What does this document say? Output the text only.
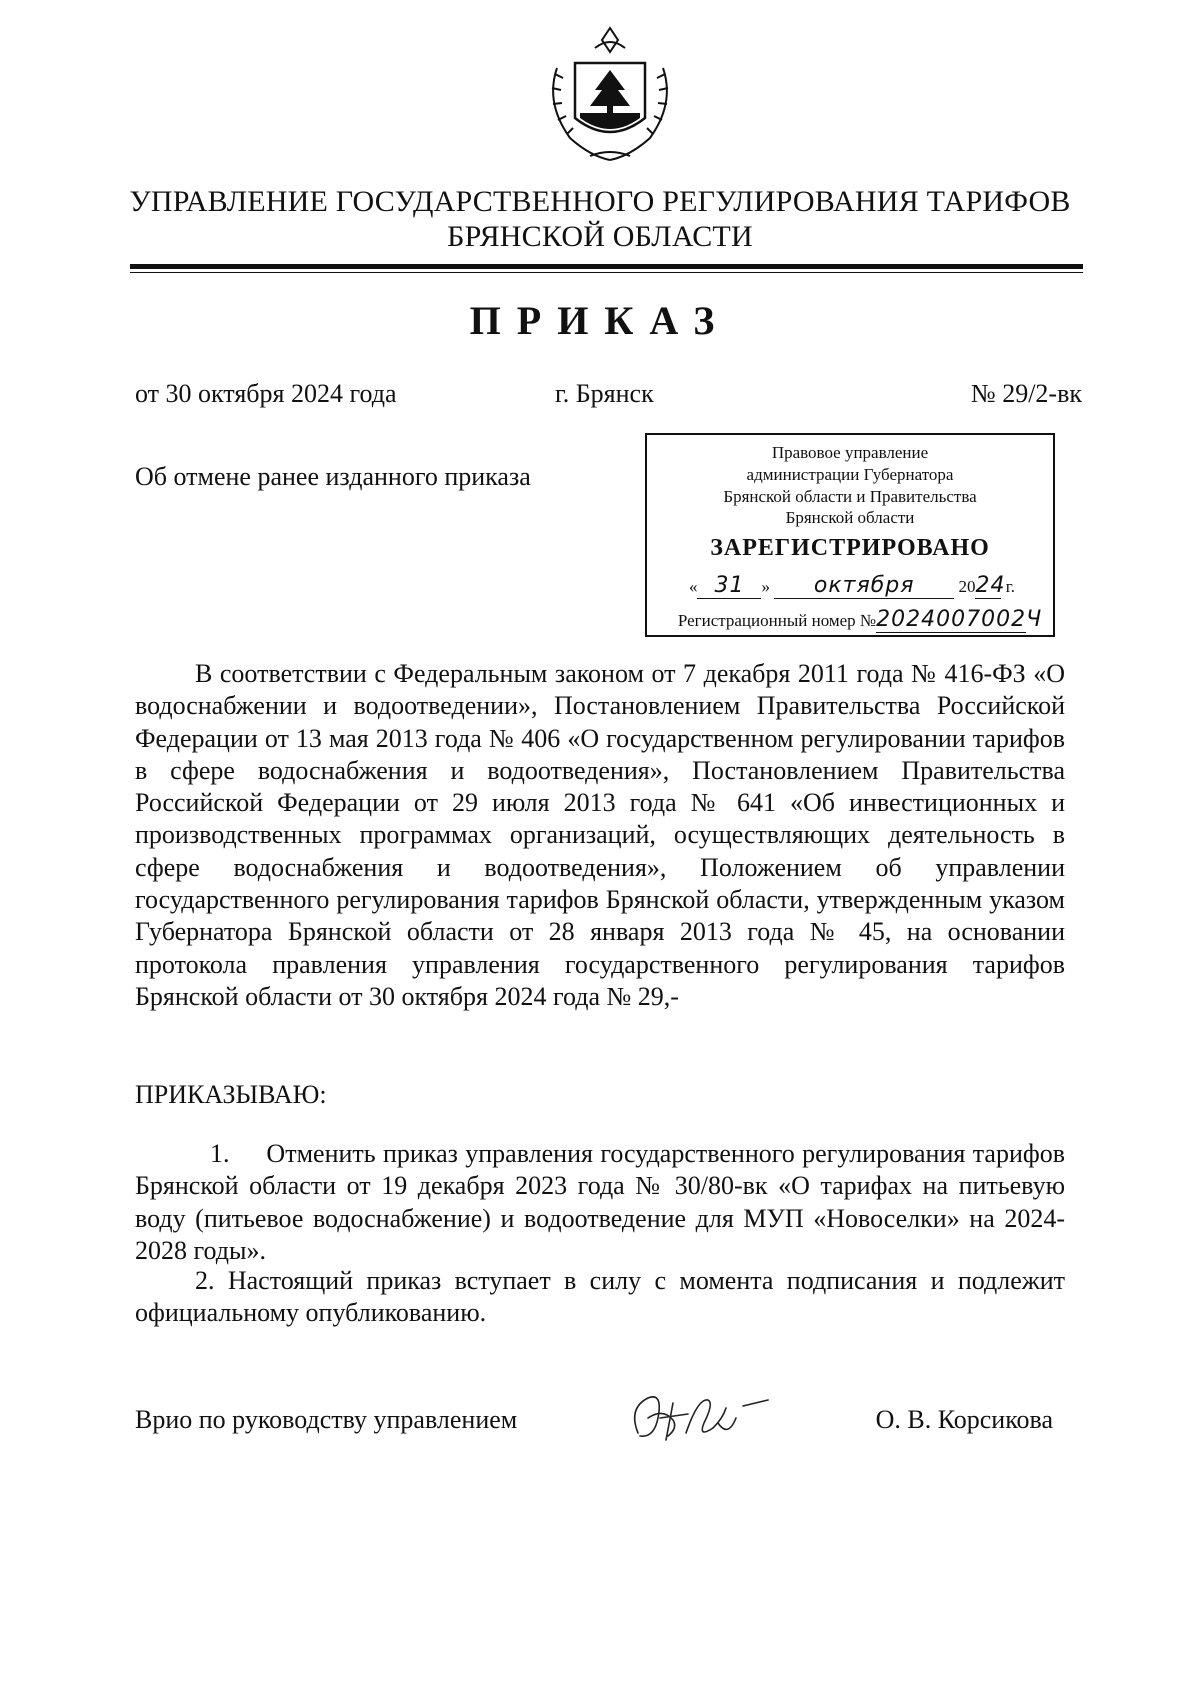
УПРАВЛЕНИЕ ГОСУДАРСТВЕННОГО РЕГУЛИРОВАНИЯ ТАРИФОВ
БРЯНСКОЙ ОБЛАСТИ
ПРИКАЗ
от 30 октября 2024 года	г. Брянск	№ 29/2-вк
Об отмене ранее изданного приказа
Правовое управление
администрации Губернатора
Брянской области и Правительства
Брянской области
ЗАРЕГИСТРИРОВАНО
« 31 » октября	2024 г.
Регистрационный номер №2024007002Ч
В соответствии с Федеральным законом от 7 декабря 2011 года № 416-ФЗ «О водоснабжении и водоотведении», Постановлением Правительства Российской Федерации от 13 мая 2013 года № 406 «О государственном регулировании тарифов в сфере водоснабжения и водоотведения», Постановлением Правительства Российской Федерации от 29 июля 2013 года № 641 «Об инвестиционных и производственных программах организаций, осуществляющих деятельность в сфере водоснабжения и водоотведения», Положением об управлении государственного регулирования тарифов Брянской области, утвержденным указом Губернатора Брянской области от 28 января 2013 года № 45, на основании протокола правления управления государственного регулирования тарифов Брянской области от 30 октября 2024 года № 29,-
ПРИКАЗЫВАЮ:
1.     Отменить приказ управления государственного регулирования тарифов Брянской области от 19 декабря 2023 года № 30/80-вк «О тарифах на питьевую воду (питьевое водоснабжение) и водоотведение для МУП «Новоселки» на 2024-2028 годы».
2. Настоящий приказ вступает в силу с момента подписания и подлежит официальному опубликованию.
Врио по руководству управлением	О. В. Корсикова
